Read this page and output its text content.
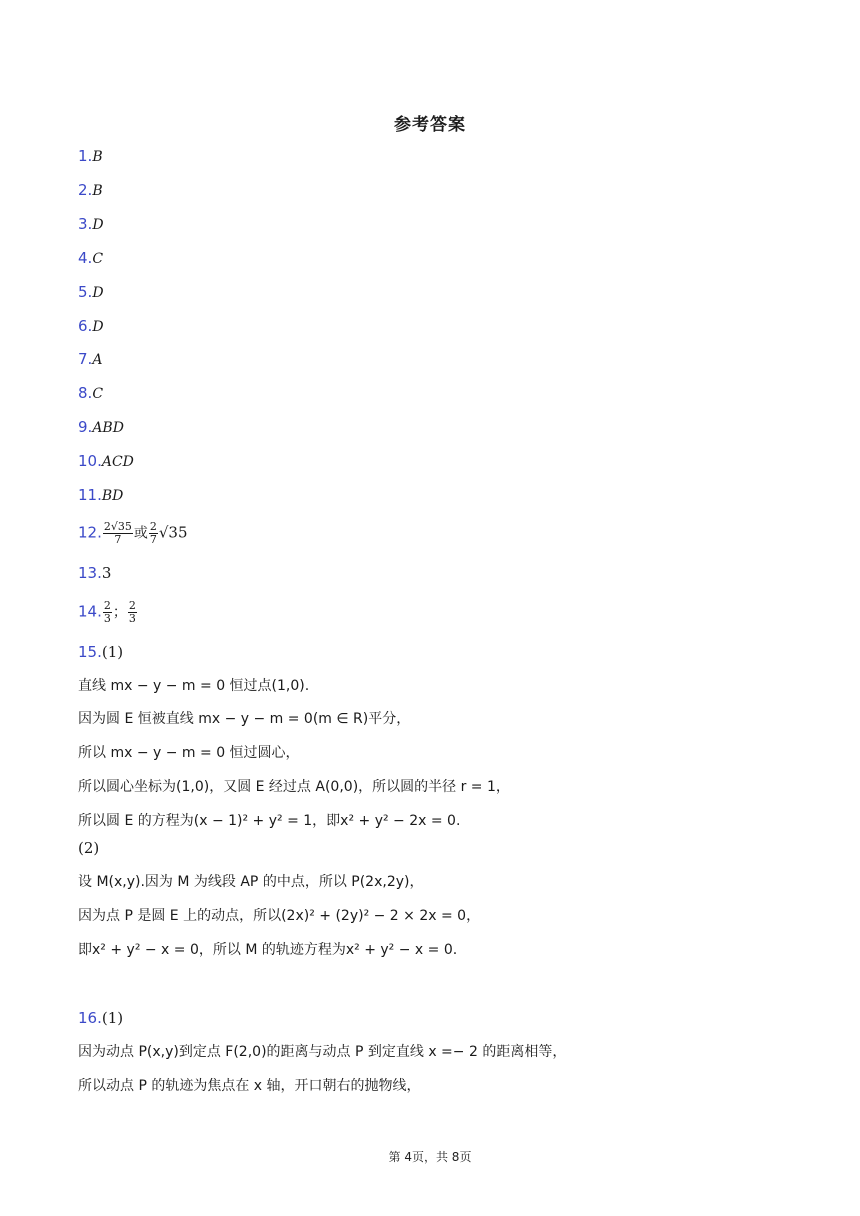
参考答案
1.B
2.B
3.D
4.C
5.D
6.D
7.A
8.C
9.ABD
10.ACD
11.BD
12. $\frac{2√35}{7}$ 或 $\frac{2}{7} √35$
13.3
14. $\frac{2}{3}$ ； $\frac{2}{3}$
15.(1)
直线 mx − y − m = 0 恒过点(1,0).
因为圆 E 恒被直线 mx − y − m = 0(m ∈ R)平分，
所以 mx − y − m = 0 恒过圆心，
所以圆心坐标为(1,0)，又圆 E 经过点 A(0,0)，所以圆的半径 r = 1，
所以圆 E 的方程为(x − 1)² + y² = 1，即x² + y² − 2x = 0.
(2)
设 M(x,y).因为 M 为线段 AP 的中点，所以 P(2x,2y)，
因为点 P 是圆 E 上的动点，所以(2x)² + (2y)² − 2 × 2x = 0，
即x² + y² − x = 0，所以 M 的轨迹方程为x² + y² − x = 0.
16.(1)
因为动点 P(x,y)到定点 F(2,0)的距离与动点 P 到定直线 x =− 2 的距离相等，
所以动点 P 的轨迹为焦点在 x 轴，开口朝右的抛物线，
第 4页，共 8页
